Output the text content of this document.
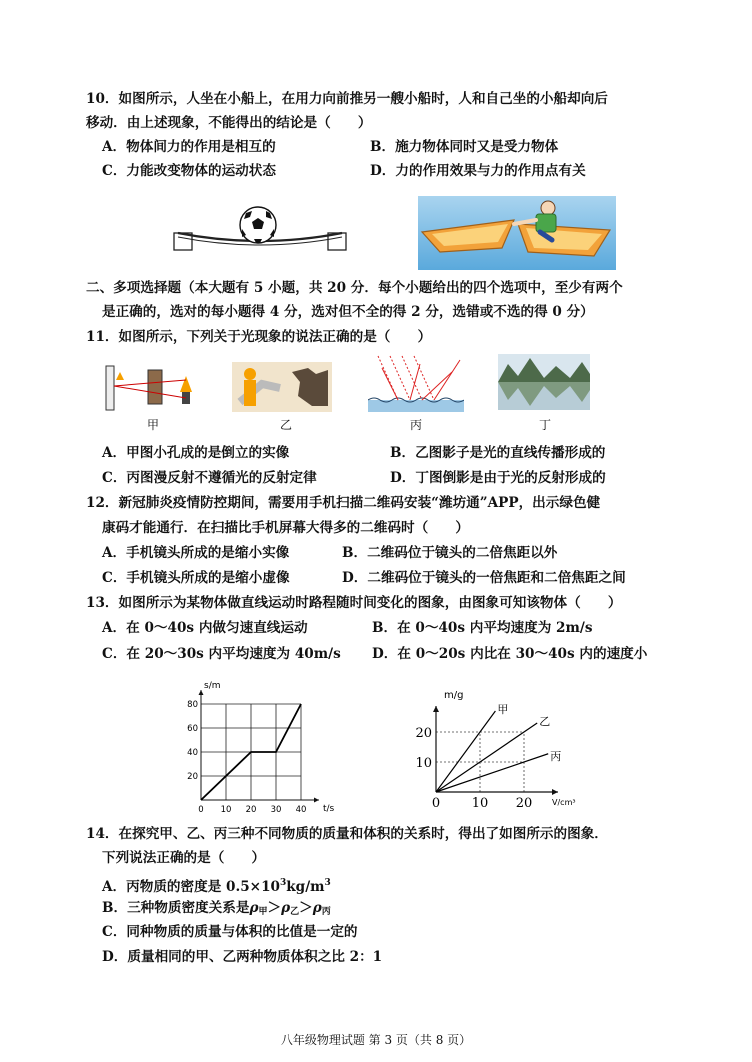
10．如图所示，人坐在小船上，在用力向前推另一艘小船时，人和自己坐的小船却向后
移动．由上述现象，不能得出的结论是（　　）
A．物体间力的作用是相互的	B．施力物体同时又是受力物体
C．力能改变物体的运动状态	D．力的作用效果与力的作用点有关
二、多项选择题（本大题有 5 小题，共 20 分．每个小题给出的四个选项中，至少有两个
是正确的，选对的每小题得 4 分，选对但不全的得 2 分，选错或不选的得 0 分）
11．如图所示，下列关于光现象的说法正确的是（　　）
甲	乙	丙	丁
A．甲图小孔成的是倒立的实像	B．乙图影子是光的直线传播形成的
C．丙图漫反射不遵循光的反射定律	D．丁图倒影是由于光的反射形成的
12．新冠肺炎疫情防控期间，需要用手机扫描二维码安装“潍坊通”APP，出示绿色健
康码才能通行．在扫描比手机屏幕大得多的二维码时（　　）
A．手机镜头所成的是缩小实像	B．二维码位于镜头的二倍焦距以外
C．手机镜头所成的是缩小虚像	D．二维码位于镜头的一倍焦距和二倍焦距之间
13．如图所示为某物体做直线运动时路程随时间变化的图象，由图象可知该物体（　　）
A．在 0～40s 内做匀速直线运动	B．在 0～40s 内平均速度为 2m/s
C．在 20～30s 内平均速度为 40m/s D．在 0～20s 内比在 30～40s 内的速度小
0 10 20 30 40
20
40
60
80
s/m
t/s	0 10 20
10
20
甲
乙
丙
m/g
V/cm³
14．在探究甲、乙、丙三种不同物质的质量和体积的关系时，得出了如图所示的图象．
下列说法正确的是（　　）
A．丙物质的密度是 $0.5\times 10^3kg/m^3$
B．三种物质密度关系是$\rho_甲>\rho_乙>\rho_丙$
C．同种物质的质量与体积的比值是一定的
D．质量相同的甲、乙两种物质体积之比 2：1
八年级物理试题 第 3 页（共 8 页）
